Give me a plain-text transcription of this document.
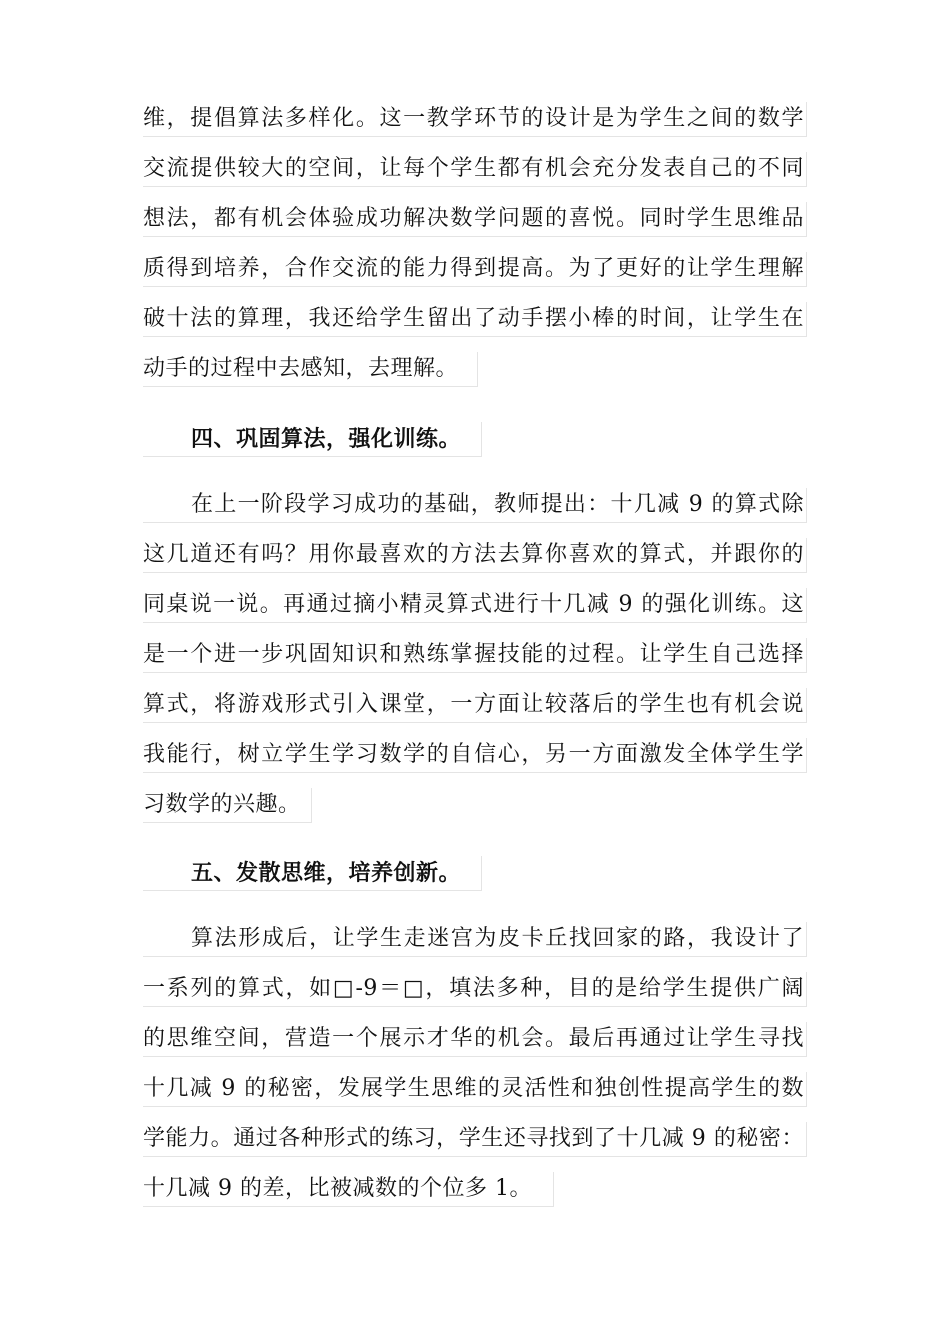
维，提倡算法多样化。这一教学环节的设计是为学生之间的数学
交流提供较大的空间，让每个学生都有机会充分发表自己的不同
想法，都有机会体验成功解决数学问题的喜悦。同时学生思维品
质得到培养，合作交流的能力得到提高。为了更好的让学生理解
破十法的算理，我还给学生留出了动手摆小棒的时间，让学生在
动手的过程中去感知，去理解。
四、巩固算法，强化训练。
在上一阶段学习成功的基础，教师提出：十几减 9 的算式除
这几道还有吗？用你最喜欢的方法去算你喜欢的算式，并跟你的
同桌说一说。再通过摘小精灵算式进行十几减 9 的强化训练。这
是一个进一步巩固知识和熟练掌握技能的过程。让学生自己选择
算式，将游戏形式引入课堂，一方面让较落后的学生也有机会说
我能行，树立学生学习数学的自信心，另一方面激发全体学生学
习数学的兴趣。
五、发散思维，培养创新。
算法形成后，让学生走迷宫为皮卡丘找回家的路，我设计了
一系列的算式，如□-9＝□，填法多种，目的是给学生提供广阔
的思维空间，营造一个展示才华的机会。最后再通过让学生寻找
十几减 9 的秘密，发展学生思维的灵活性和独创性提高学生的数
学能力。通过各种形式的练习，学生还寻找到了十几减 9 的秘密：
十几减 9 的差，比被减数的个位多 1。
